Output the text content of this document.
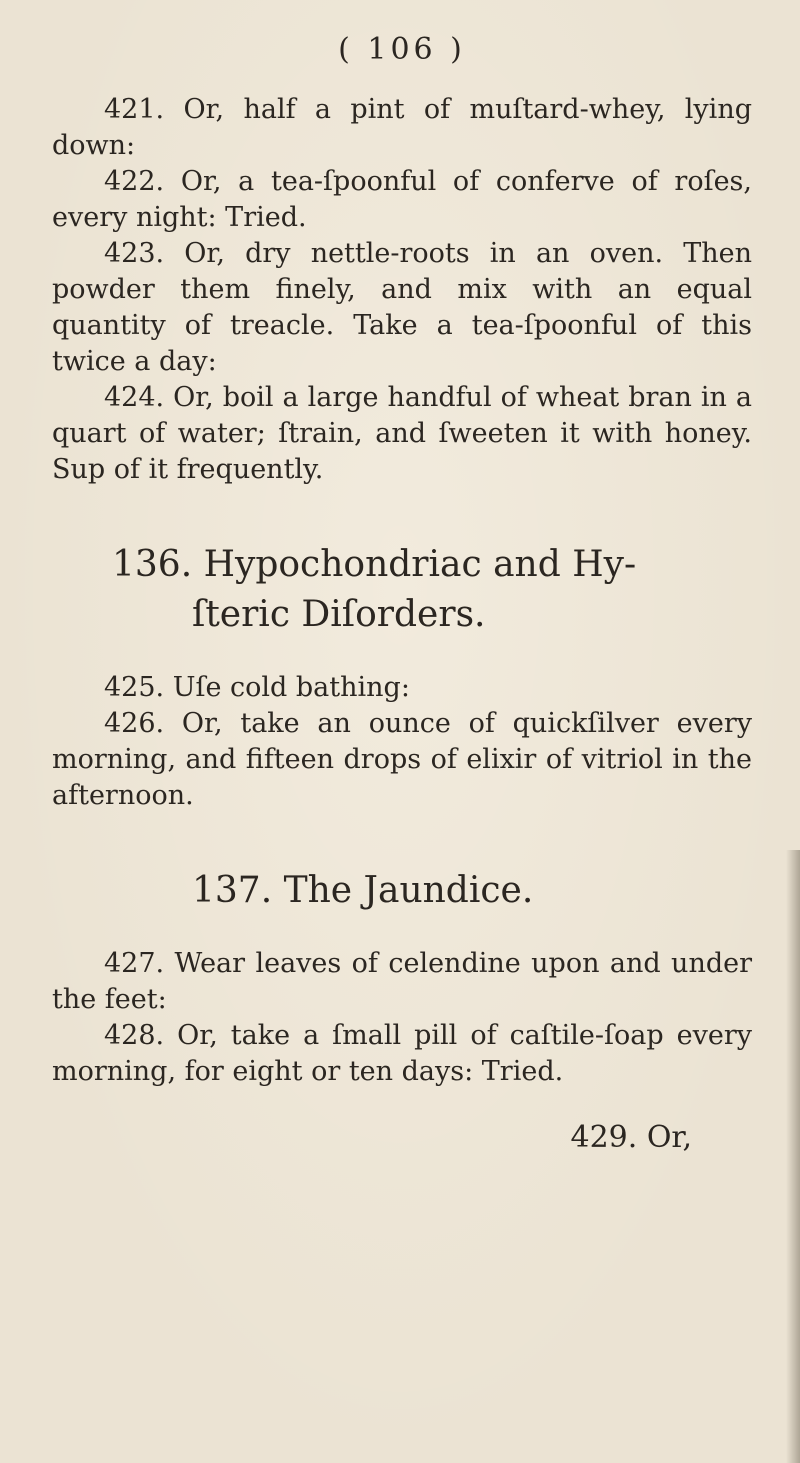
( 106 )

421. Or, half a pint of muſtard-whey, lying down:

422. Or, a tea-ſpoonful of conferve of roſes, every night: Tried.

423. Or, dry nettle-roots in an oven. Then powder them finely, and mix with an equal quantity of treacle. Take a tea-ſpoonful of this twice a day:

424. Or, boil a large handful of wheat bran in a quart of water; ſtrain, and ſweeten it with honey. Sup of it frequently.

136. Hypochondriac and Hy-
ſteric Diſorders.

425. Uſe cold bathing:

426. Or, take an ounce of quickſilver every morning, and fifteen drops of elixir of vitriol in the afternoon.

137. The Jaundice.

427. Wear leaves of celendine upon and under the feet:

428. Or, take a ſmall pill of caſtile-ſoap every morning, for eight or ten days: Tried.

429. Or,
